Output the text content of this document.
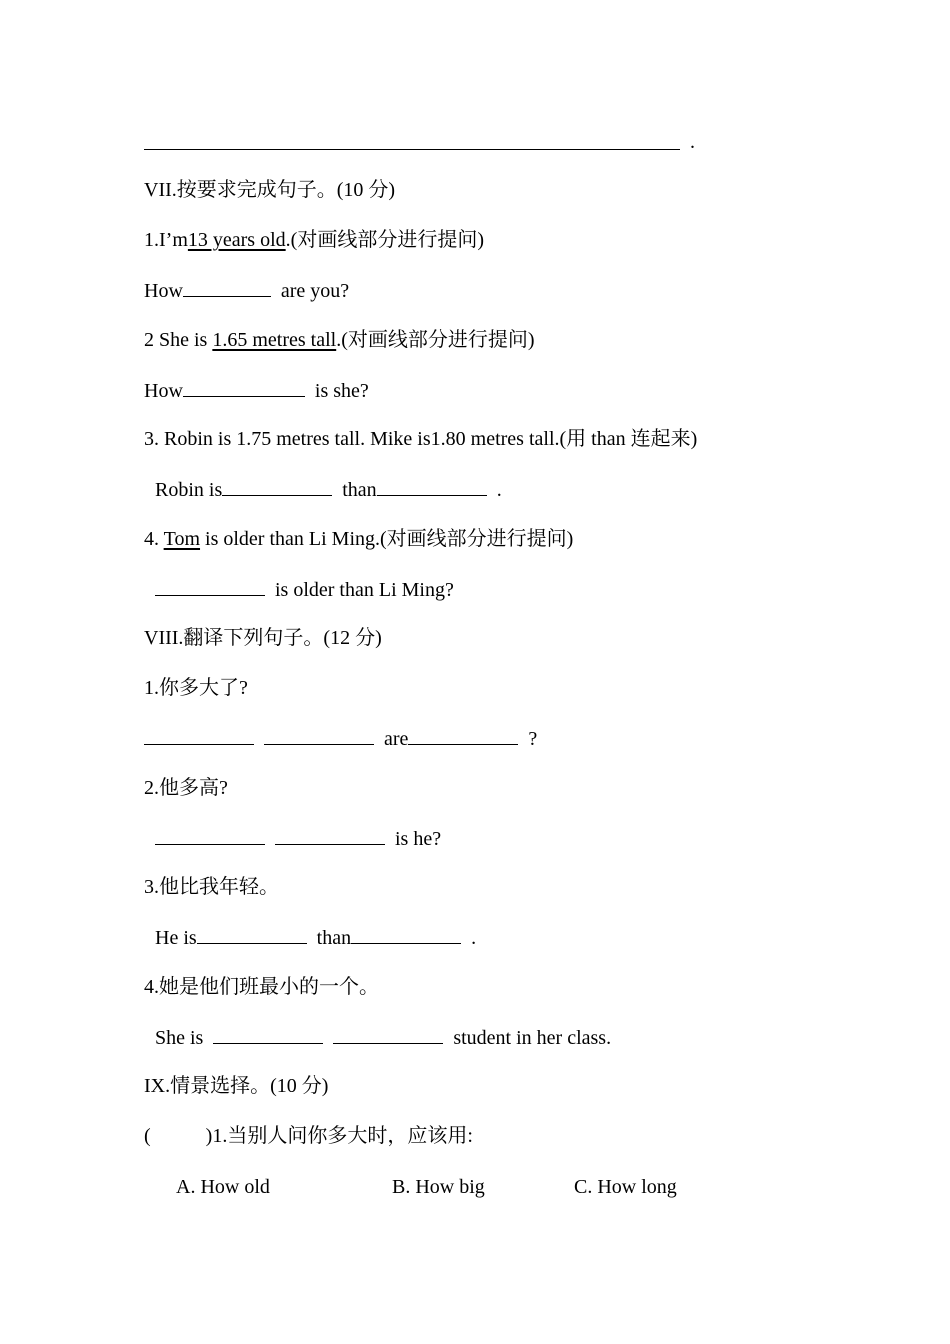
.
VII.按要求完成句子。(10 分)
1.I’m13 years old.(对画线部分进行提问)
How	are you?
2 She is 1.65 metres tall.(对画线部分进行提问)
How	is she?
3. Robin is 1.75 metres tall. Mike is1.80 metres tall.(用 than 连起来)
Robin is	than	.
4. Tom is older than Li Ming.(对画线部分进行提问)
is older than Li Ming?
VIII.翻译下列句子。(12 分)
1.你多大了?
are	?
2.他多高?
is he?
3.他比我年轻。
He is	than	.
4.她是他们班最小的一个。
She is	student in her class.
IX.情景选择。(10 分)
(	)1.当别人问你多大时，应该用:
A. How old	B. How big	C. How long
